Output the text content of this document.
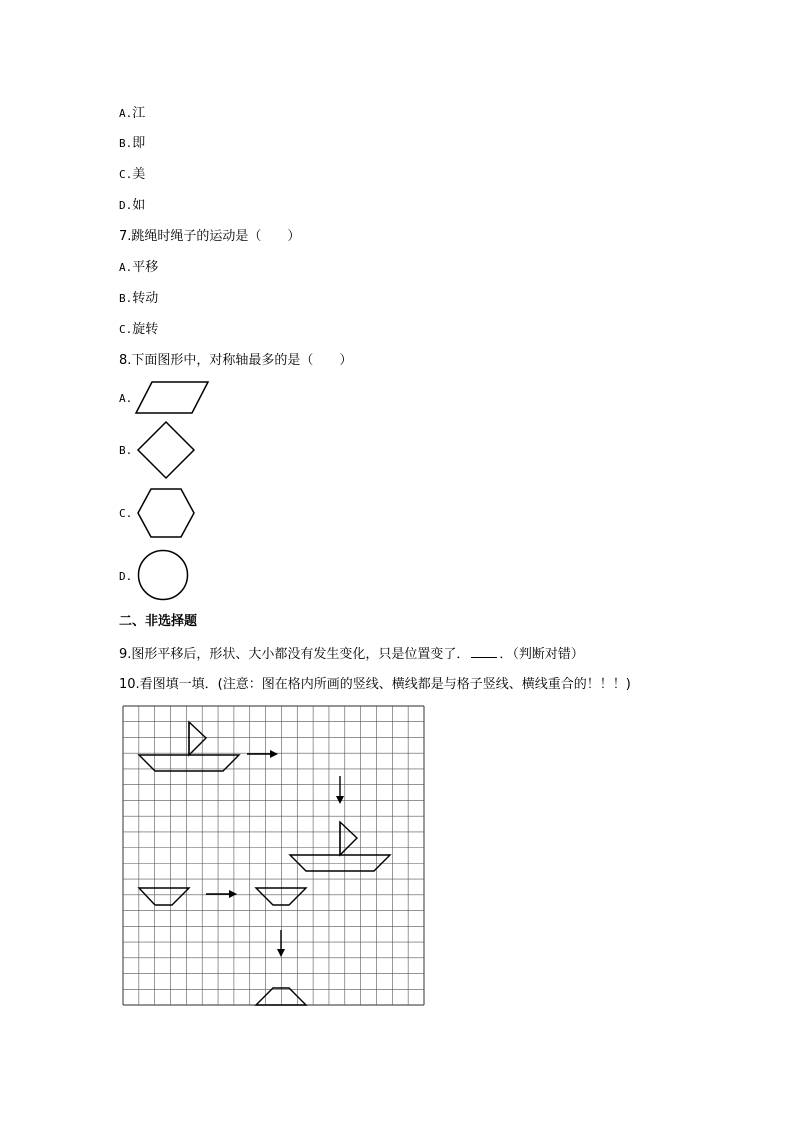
A.江
B.即
C.美
D.如
7.跳绳时绳子的运动是（　　）
A.平移
B.转动
C.旋转
8.下面图形中，对称轴最多的是（　　）
A.
B.
C.
D.
二、非选择题
9.图形平移后，形状、大小都没有发生变化，只是位置变了． ．（判断对错）
10.看图填一填．(注意：图在格内所画的竖线、横线都是与格子竖线、横线重合的！！！)
